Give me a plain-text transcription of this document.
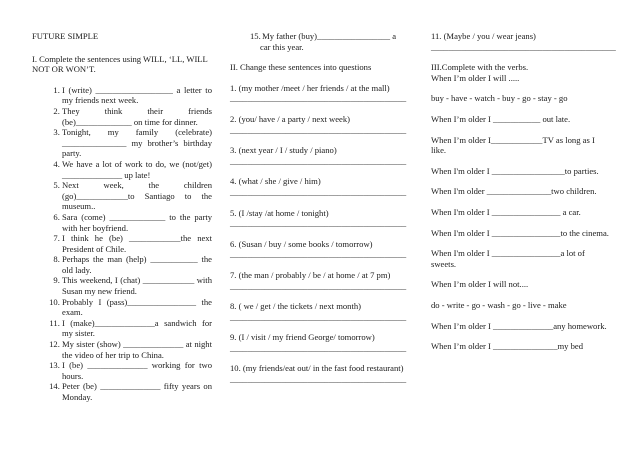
FUTURE SIMPLE
I. Complete the sentences using WILL, ‘LL, WILL NOT OR WON’T.
1. I (write) __________________ a letter to my friends next week.
2. They think their friends (be)_____________ on time for dinner.
3. Tonight, my family (celebrate) _______________ my brother’s birthday party.
4. We have a lot of work to do, we (not/get) ______________ up late!
5. Next week, the children (go)____________to Santiago to the museum..
6. Sara (come) _____________ to the party with her boyfriend.
7. I think he (be) ____________the next President of Chile.
8. Perhaps the man (help) ___________ the old lady.
9. This weekend, I (chat) ____________ with Susan my new friend.
10. Probably I (pass)________________ the exam.
11. I (make)______________a sandwich for my sister.
12. My sister (show) ______________ at night the video of her trip to China.
13. I (be) ______________ working for two hours.
14. Peter (be) ______________ fifty years on Monday.
15. My father (buy)_________________ a car this year.
II. Change these sentences into questions
1. (my mother /meet / her friends / at the mall)
_________________________________________
2. (you/ have / a party / next week)
_________________________________________
3. (next year / I / study / piano)
_________________________________________
4. (what / she / give / him)
_________________________________________
5. (I /stay /at home / tonight)
_________________________________________
6. (Susan / buy / some books / tomorrow)
_________________________________________
7. (the man / probably / be / at home / at 7 pm)
_________________________________________
8. ( we / get / the tickets / next month)
_________________________________________
9. (I / visit / my friend George/ tomorrow)
_________________________________________
10. (my friends/eat out/ in the fast food restaurant)
_________________________________________
11. (Maybe / you / wear jeans)
___________________________________________
III.Complete with the verbs.
When I’m older I will .....
buy - have - watch - buy - go - stay - go
When I’m older I ___________ out late.
When I’m older I____________TV as long as I like.
When I'm older I _________________to parties.
When I'm older _______________two children.
When I'm older I ________________ a car.
When I'm older I ________________to the cinema.
When I'm older I ________________a lot of sweets.
When I’m older I will not....
do - write - go - wash - go - live - make
When I’m older I ______________any homework.
When I’m older I _______________my bed
